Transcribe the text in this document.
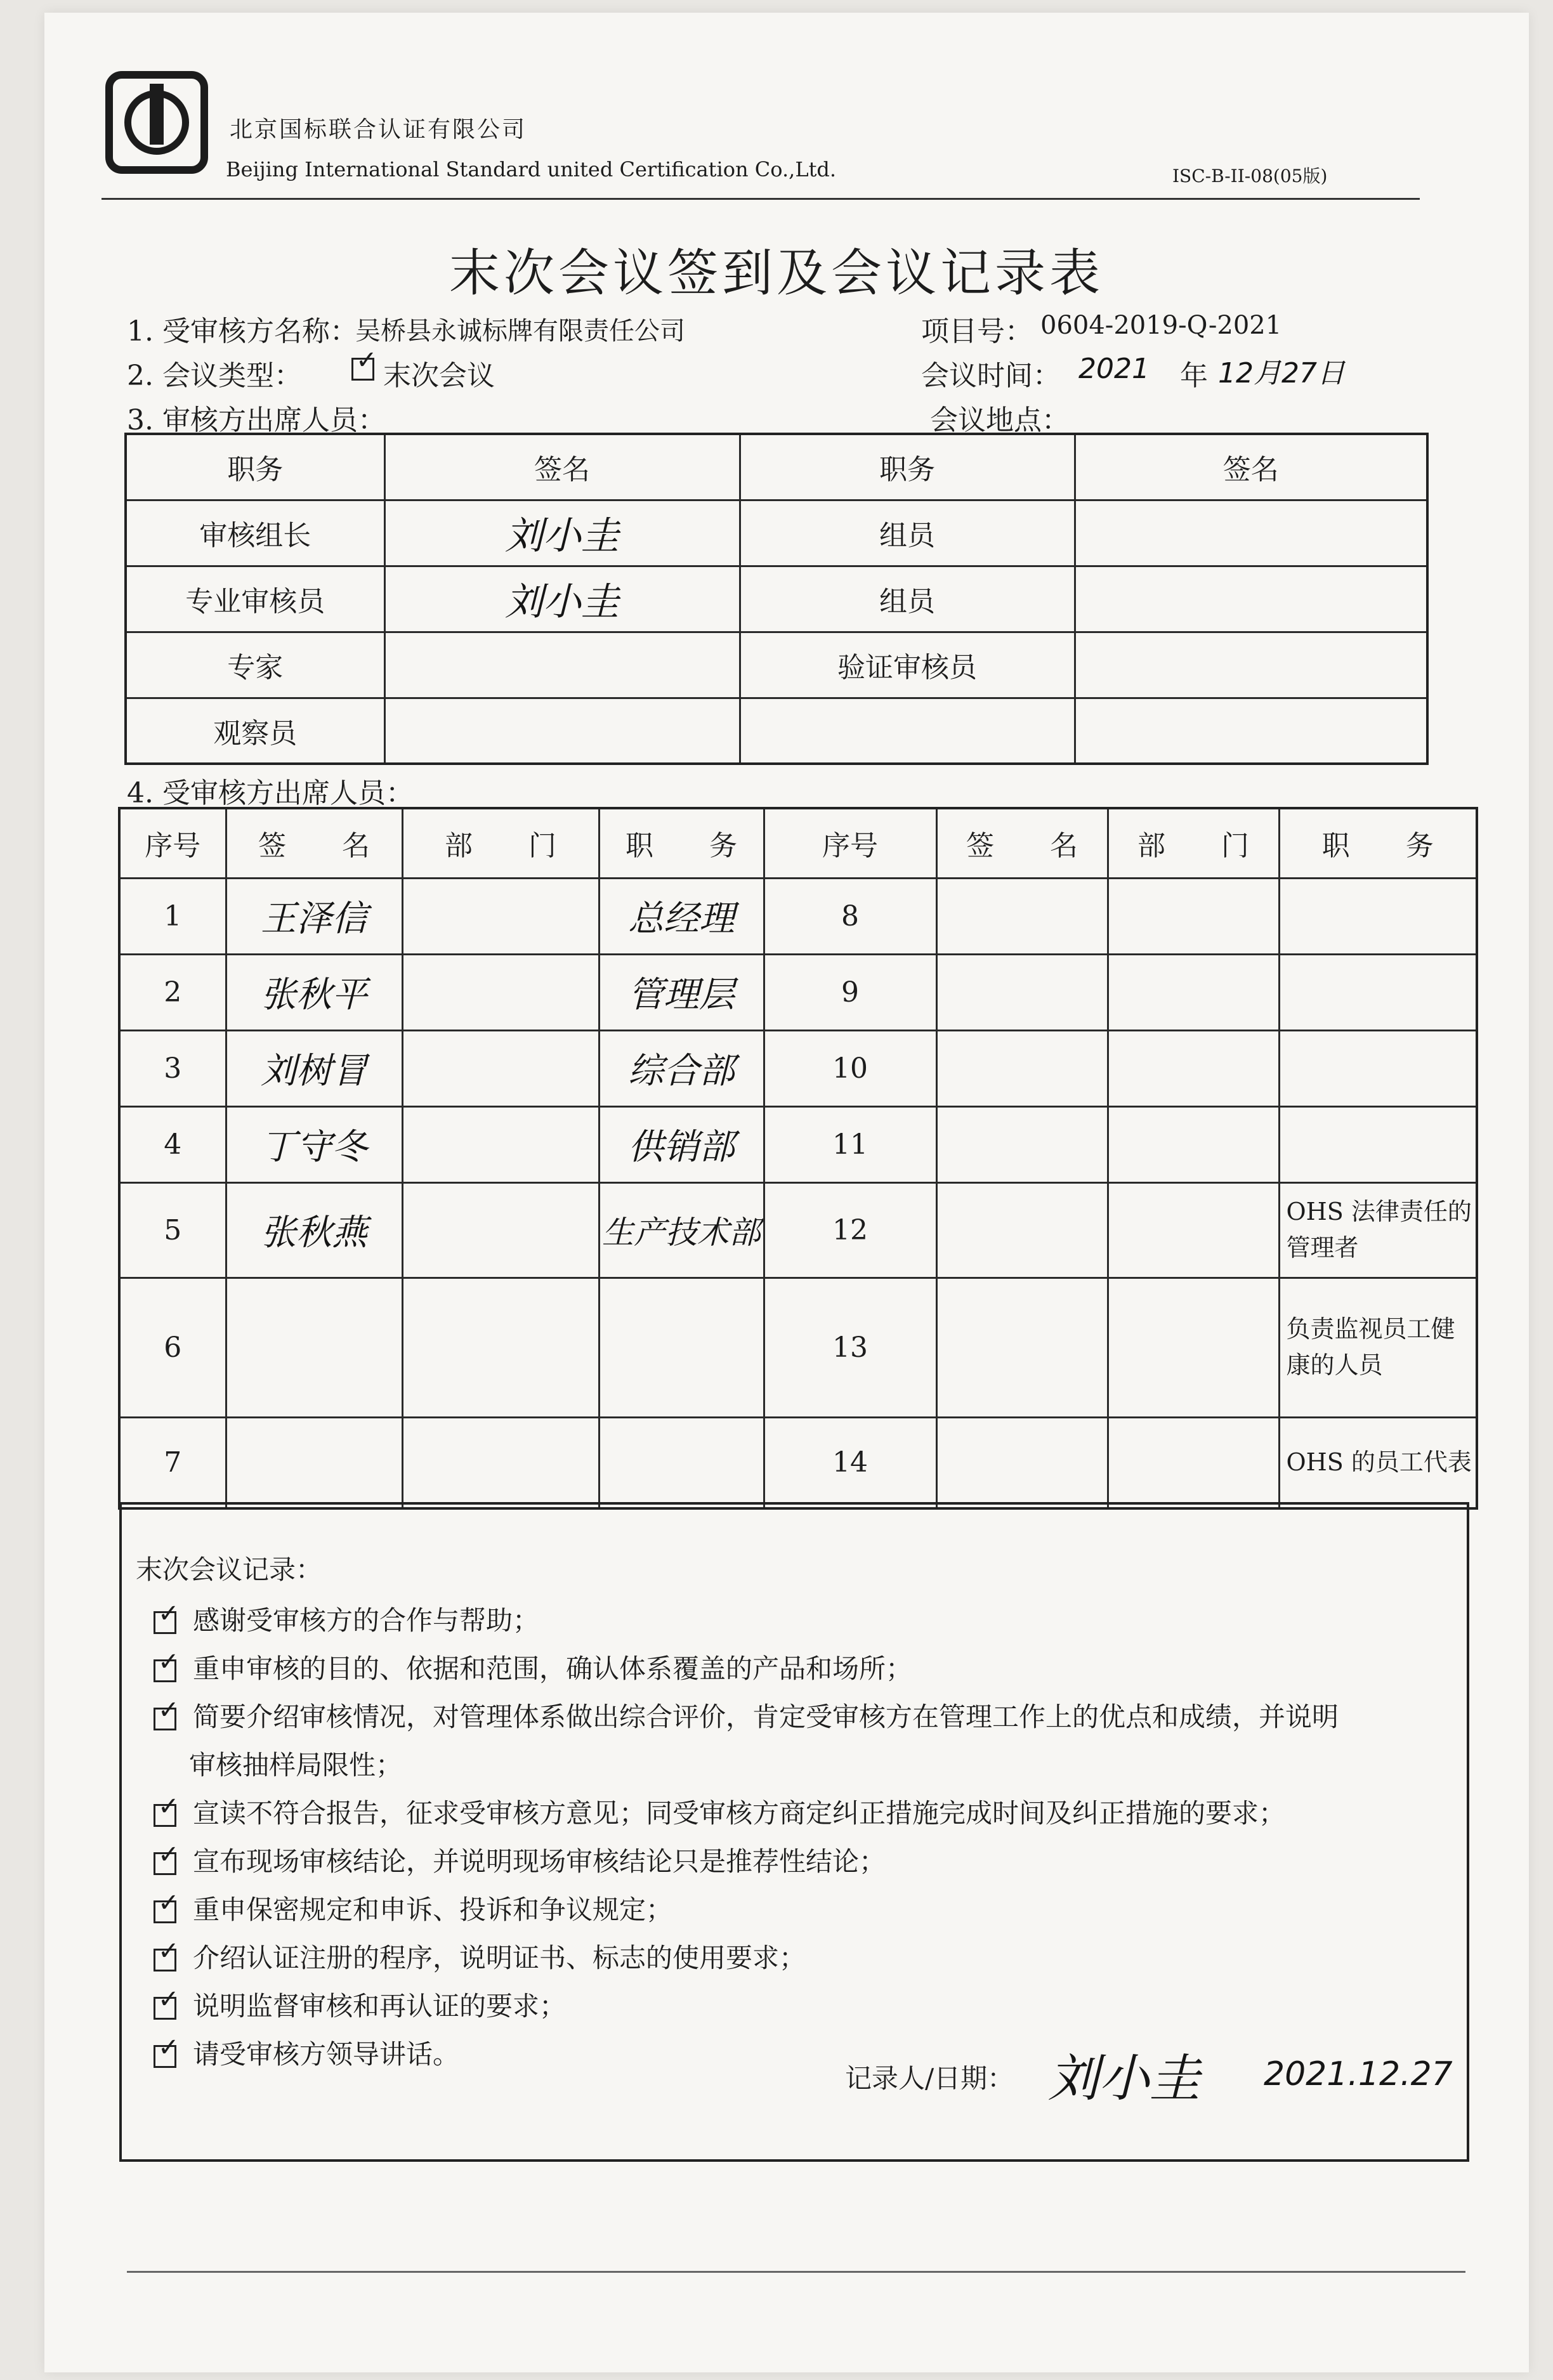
北京国标联合认证有限公司
Beijing International Standard united Certification Co.,Ltd.	ISC-B-II-08(05版)
末次会议签到及会议记录表
1. 受审核方名称：
吴桥县永诚标牌有限责任公司	项目号： 0604-2019-Q-2021
2. 会议类型： ✓	末次会议	会议时间： 2021 年 12月27日
3. 审核方出席人员：	会议地点：
职务	签名	职务	签名
审核组长	刘小圭	组员	
专业审核员	刘小圭	组员	
专家		验证审核员	
观察员			
4. 受审核方出席人员：
序号	签　　名	部　　门	职　　务	序号	签　　名	部　　门	职　　务
1	王泽信		总经理	8			
2	张秋平		管理层	9			
3	刘树冒		综合部	10			
4	丁守冬		供销部	11			
5	张秋燕		生产技术部	12			OHS 法律责任的管理者
6				13			负责监视员工健康的人员
7				14			OHS 的员工代表
末次会议记录：
✓感谢受审核方的合作与帮助；
✓重申审核的目的、依据和范围，确认体系覆盖的产品和场所；
✓简要介绍审核情况，对管理体系做出综合评价，肯定受审核方在管理工作上的优点和成绩，并说明
审核抽样局限性；
✓宣读不符合报告，征求受审核方意见；同受审核方商定纠正措施完成时间及纠正措施的要求；
✓宣布现场审核结论，并说明现场审核结论只是推荐性结论；
✓重申保密规定和申诉、投诉和争议规定；
✓介绍认证注册的程序，说明证书、标志的使用要求；
✓说明监督审核和再认证的要求；
✓请受审核方领导讲话。
记录人/日期： 刘小圭 2021.12.27
